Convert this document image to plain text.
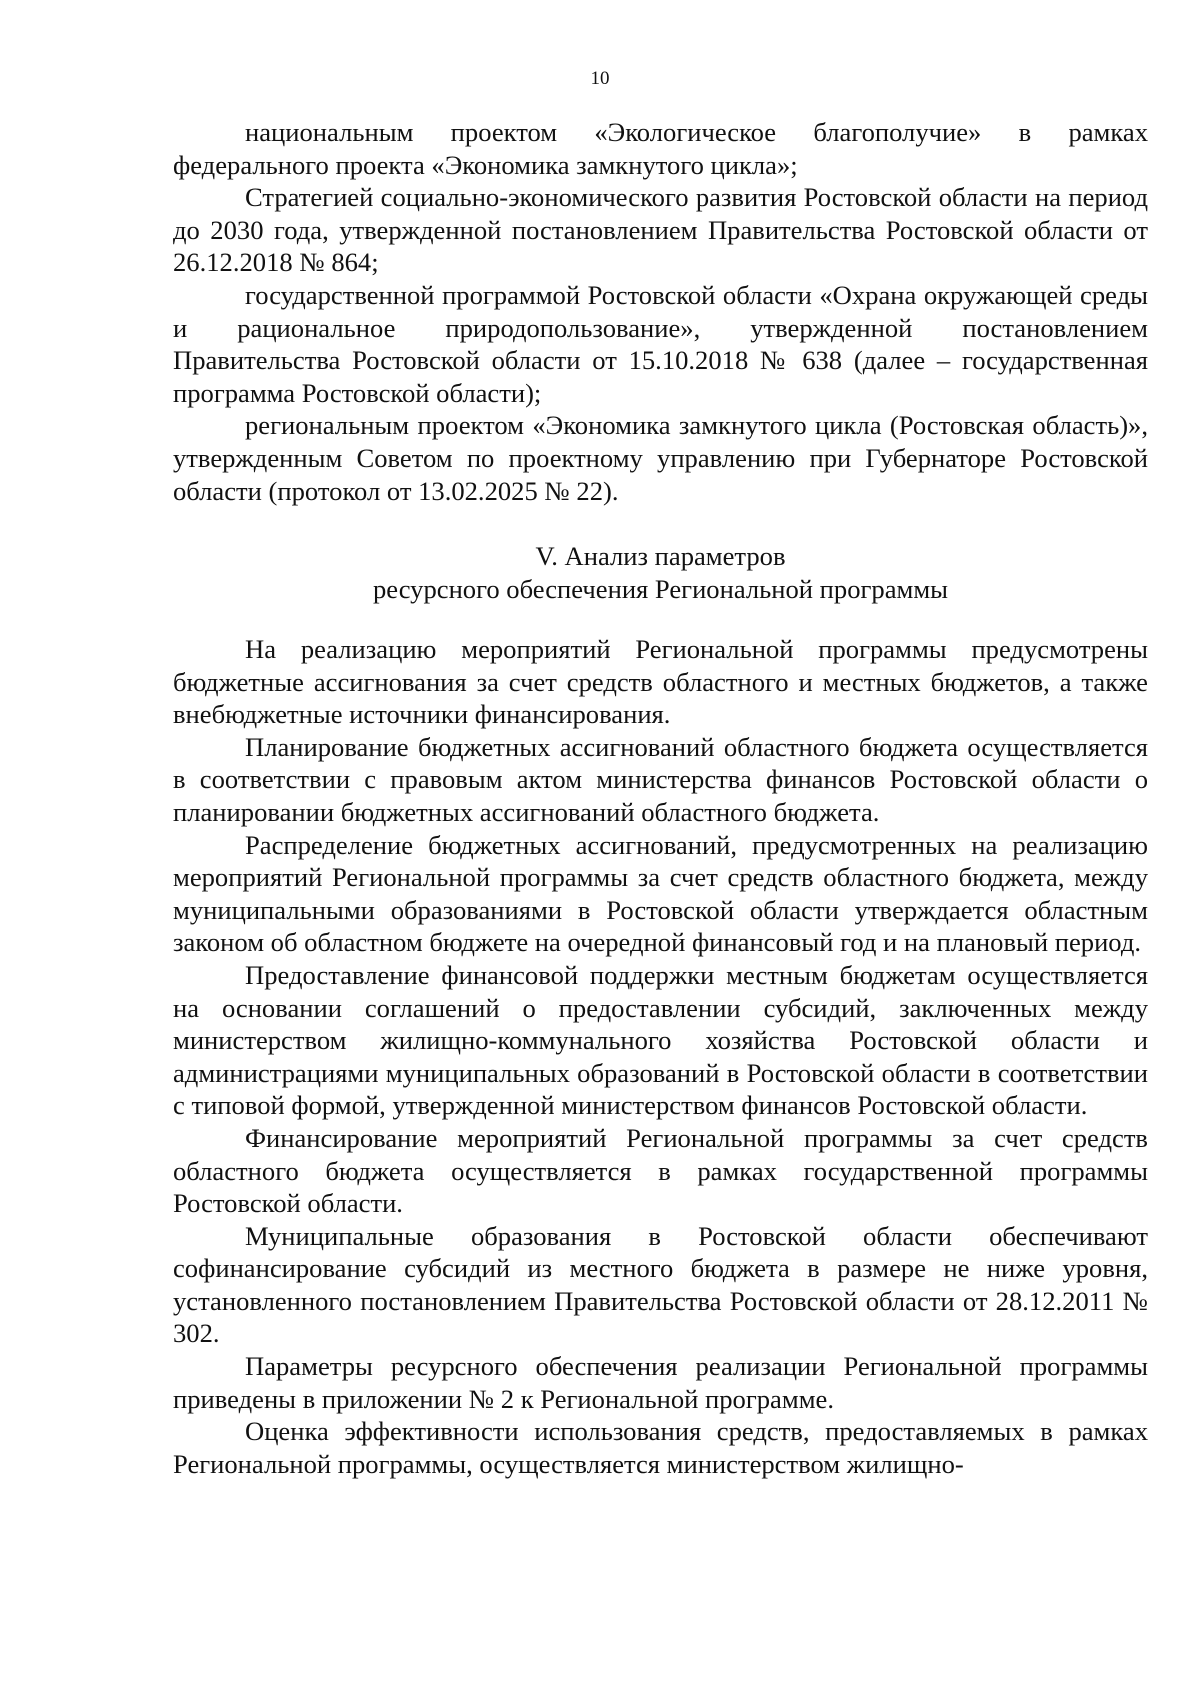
10

национальным проектом «Экологическое благополучие» в рамках федерального проекта «Экономика замкнутого цикла»;

Стратегией социально-экономического развития Ростовской области на период до 2030 года, утвержденной постановлением Правительства Ростовской области от 26.12.2018 № 864;

государственной программой Ростовской области «Охрана окружающей среды и рациональное природопользование», утвержденной постановлением Правительства Ростовской области от 15.10.2018 № 638 (далее – государственная программа Ростовской области);

региональным проектом «Экономика замкнутого цикла (Ростовская область)», утвержденным Советом по проектному управлению при Губернаторе Ростовской области (протокол от 13.02.2025 № 22).

V. Анализ параметров
ресурсного обеспечения Региональной программы

На реализацию мероприятий Региональной программы предусмотрены бюджетные ассигнования за счет средств областного и местных бюджетов, а также внебюджетные источники финансирования.

Планирование бюджетных ассигнований областного бюджета осуществляется в соответствии с правовым актом министерства финансов Ростовской области о планировании бюджетных ассигнований областного бюджета.

Распределение бюджетных ассигнований, предусмотренных на реализацию мероприятий Региональной программы за счет средств областного бюджета, между муниципальными образованиями в Ростовской области утверждается областным законом об областном бюджете на очередной финансовый год и на плановый период.

Предоставление финансовой поддержки местным бюджетам осуществляется на основании соглашений о предоставлении субсидий, заключенных между министерством жилищно-коммунального хозяйства Ростовской области и администрациями муниципальных образований в Ростовской области в соответствии с типовой формой, утвержденной министерством финансов Ростовской области.

Финансирование мероприятий Региональной программы за счет средств областного бюджета осуществляется в рамках государственной программы Ростовской области.

Муниципальные образования в Ростовской области обеспечивают софинансирование субсидий из местного бюджета в размере не ниже уровня, установленного постановлением Правительства Ростовской области от 28.12.2011 № 302.

Параметры ресурсного обеспечения реализации Региональной программы приведены в приложении № 2 к Региональной программе.

Оценка эффективности использования средств, предоставляемых в рамках Региональной программы, осуществляется министерством жилищно-
